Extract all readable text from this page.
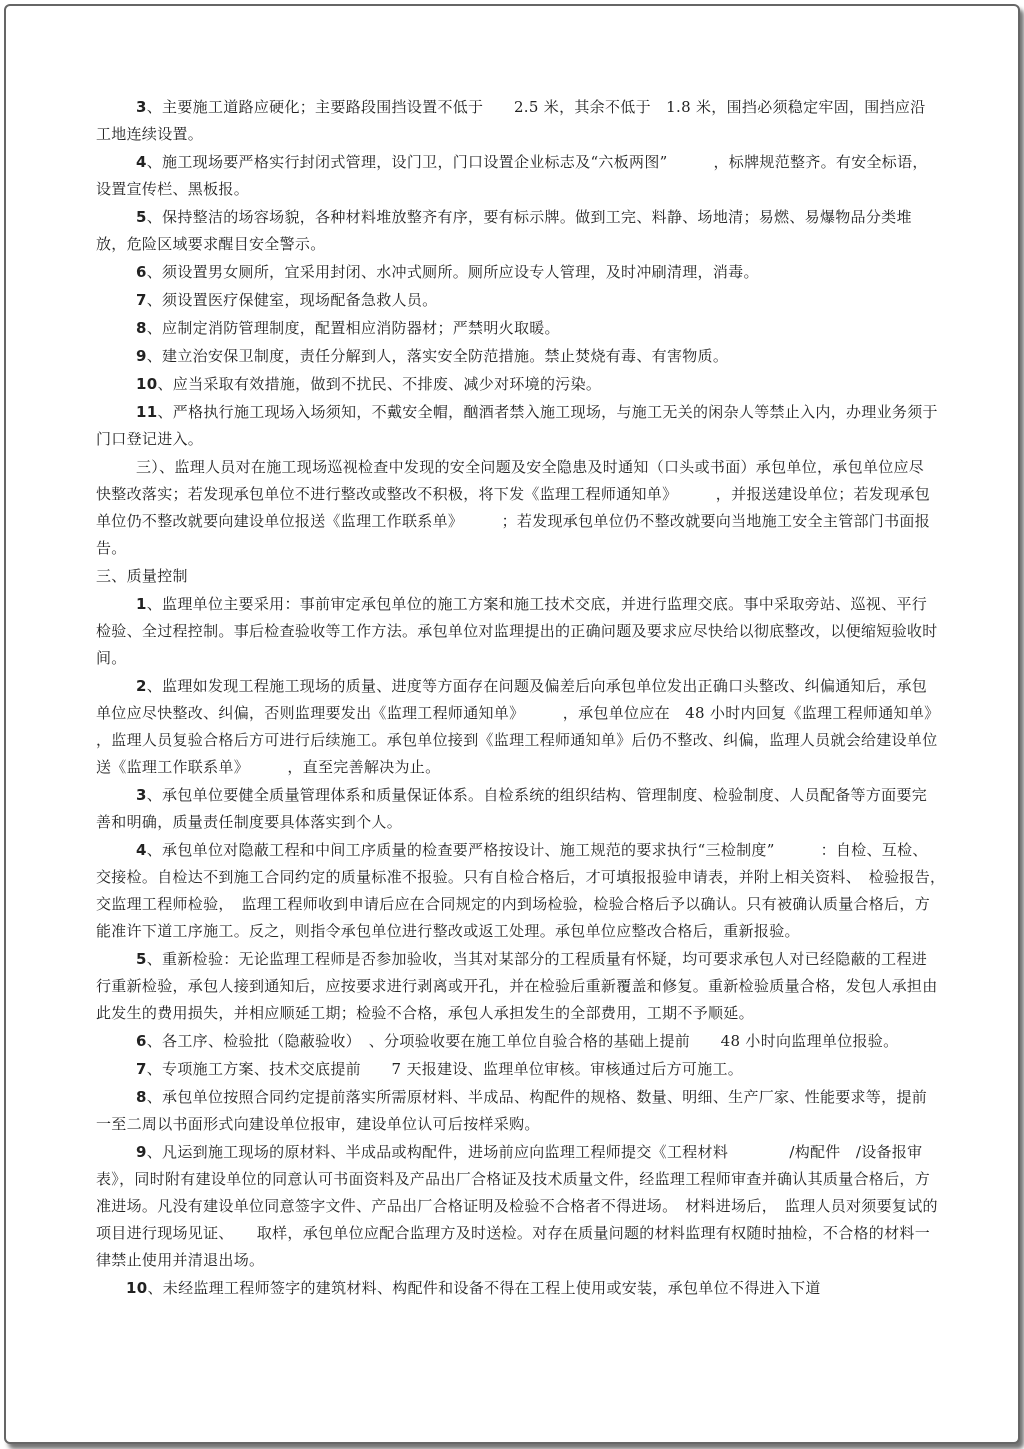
3、主要施工道路应硬化；主要路段围挡设置不低于　　2.5 米，其余不低于　1.8 米，围挡必须稳定牢固，围挡应沿工地连续设置。

4、施工现场要严格实行封闭式管理，设门卫，门口设置企业标志及“六板两图”　　　，标牌规范整齐。有安全标语，设置宣传栏、黑板报。

5、保持整洁的场容场貌，各种材料堆放整齐有序，要有标示牌。做到工完、料静、场地清；易燃、易爆物品分类堆放，危险区域要求醒目安全警示。

6、须设置男女厕所，宜采用封闭、水冲式厕所。厕所应设专人管理，及时冲刷清理，消毒。

7、须设置医疗保健室，现场配备急救人员。

8、应制定消防管理制度，配置相应消防器材；严禁明火取暖。

9、建立治安保卫制度，责任分解到人，落实安全防范措施。禁止焚烧有毒、有害物质。

10、应当采取有效措施，做到不扰民、不排废、减少对环境的污染。

11、严格执行施工现场入场须知，不戴安全帽，酗酒者禁入施工现场，与施工无关的闲杂人等禁止入内，办理业务须于门口登记进入。

三）、监理人员对在施工现场巡视检查中发现的安全问题及安全隐患及时通知（口头或书面）承包单位，承包单位应尽快整改落实；若发现承包单位不进行整改或整改不积极，将下发《监理工程师通知单》　　　，并报送建设单位；若发现承包单位仍不整改就要向建设单位报送《监理工作联系单》　　　；若发现承包单位仍不整改就要向当地施工安全主管部门书面报告。

三、质量控制

1、监理单位主要采用：事前审定承包单位的施工方案和施工技术交底，并进行监理交底。事中采取旁站、巡视、平行检验、全过程控制。事后检查验收等工作方法。承包单位对监理提出的正确问题及要求应尽快给以彻底整改，以便缩短验收时间。

2、监理如发现工程施工现场的质量、进度等方面存在问题及偏差后向承包单位发出正确口头整改、纠偏通知后，承包单位应尽快整改、纠偏，否则监理要发出《监理工程师通知单》　　　，承包单位应在　48 小时内回复《监理工程师通知单》　，监理人员复验合格后方可进行后续施工。承包单位接到《监理工程师通知单》后仍不整改、纠偏，监理人员就会给建设单位送《监理工作联系单》　　　，直至完善解决为止。

3、承包单位要健全质量管理体系和质量保证体系。自检系统的组织结构、管理制度、检验制度、人员配备等方面要完善和明确，质量责任制度要具体落实到个人。

4、承包单位对隐蔽工程和中间工序质量的检查要严格按设计、施工规范的要求执行“三检制度”　　　：自检、互检、交接检。自检达不到施工合同约定的质量标准不报验。只有自检合格后，才可填报报验申请表，并附上相关资料、　检验报告，　交监理工程师检验，　监理工程师收到申请后应在合同规定的内到场检验，检验合格后予以确认。只有被确认质量合格后，方能准许下道工序施工。反之，则指令承包单位进行整改或返工处理。承包单位应整改合格后，重新报验。

5、重新检验：无论监理工程师是否参加验收，当其对某部分的工程质量有怀疑，均可要求承包人对已经隐蔽的工程进行重新检验，承包人接到通知后，应按要求进行剥离或开孔，并在检验后重新覆盖和修复。重新检验质量合格，发包人承担由此发生的费用损失，并相应顺延工期；检验不合格，承包人承担发生的全部费用，工期不予顺延。

6、各工序、检验批（隐蔽验收）　、分项验收要在施工单位自验合格的基础上提前　　48 小时向监理单位报验。

7、专项施工方案、技术交底提前　　7 天报建设、监理单位审核。审核通过后方可施工。

8、承包单位按照合同约定提前落实所需原材料、半成品、构配件的规格、数量、明细、生产厂家、性能要求等，提前一至二周以书面形式向建设单位报审，建设单位认可后按样采购。

9、凡运到施工现场的原材料、半成品或构配件，进场前应向监理工程师提交《工程材料　　　　/构配件　/设备报审表》，同时附有建设单位的同意认可书面资料及产品出厂合格证及技术质量文件，经监理工程师审查并确认其质量合格后，方准进场。凡没有建设单位同意签字文件、产品出厂合格证明及检验不合格者不得进场。　材料进场后，　监理人员对须要复试的项目进行现场见证、　　取样，承包单位应配合监理方及时送检。对存在质量问题的材料监理有权随时抽检，不合格的材料一律禁止使用并清退出场。

10、未经监理工程师签字的建筑材料、构配件和设备不得在工程上使用或安装，承包单位不得进入下道
